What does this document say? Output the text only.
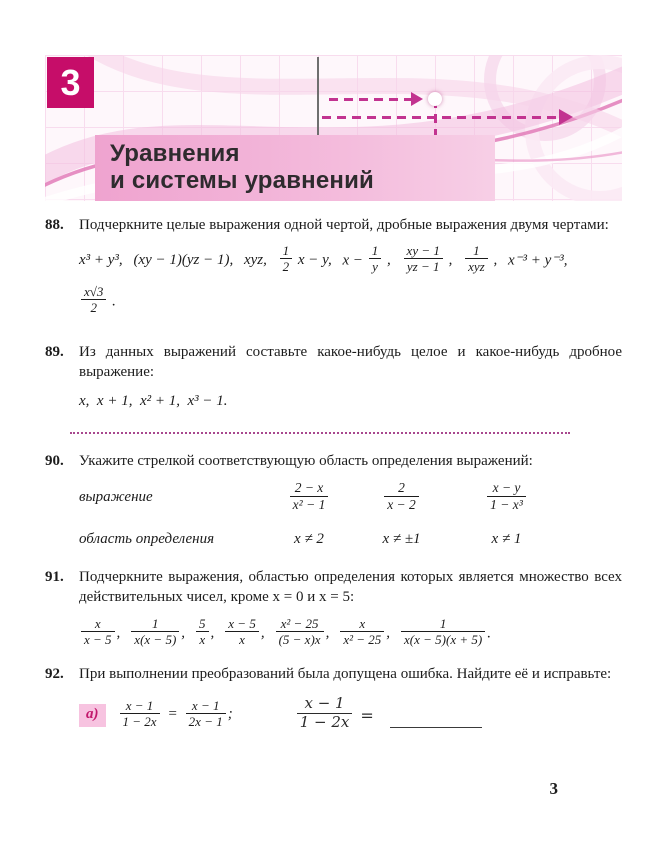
3
Уравнения
и системы уравнений
88.	Подчеркните целые выражения одной чертой, дробные выражения двумя чертами:
x³ + y³, (xy − 1)(yz − 1), xyz, $\frac{1}{2}$ x − y, $x - \frac{1}{y}$ , $\frac{xy - 1}{yz - 1}$ ,
1
xyz , x⁻³ + y⁻³,
$\frac{x√3}{2}$ .
89.	Из данных выражений составьте какое-нибудь целое и какое-нибудь дробное выражение:
x,  x + 1,  x² + 1,  x³ − 1.
90.	Укажите стрелкой соответствующую область определения выражений:
выражение	$\frac{2 - x}{\text{x² − 1}}$	$\frac{2}{x - 2}$	$\frac{x - y}{\text{1 − x³}}$
область определения	x ≠ 2	x ≠ ±1	x ≠ 1
91.	Подчеркните выражения, областью определения которых является множество всех действительных чисел, кроме x = 0 и x = 5:
$\frac{x}{x - 5}$ , $\frac{1}{x(x - 5)}$ , $\frac{5}{x}$ , $\frac{x - 5}{x}$ , $\frac{\text{x² − 25}}{(5 - x)x}$ , $\frac{x}{\text{x² − 25}}$ , $\frac{1}{x(x - 5)(x + 5)}$ .
92.	При выполнении преобразований была допущена ошибка. Найдите её и исправьте:
а)	$\frac{x - 1}{1 - 2x} = \frac{x - 1}{2x - 1}$ ;	$\frac{x - 1}{1 - 2x}$ =
3
